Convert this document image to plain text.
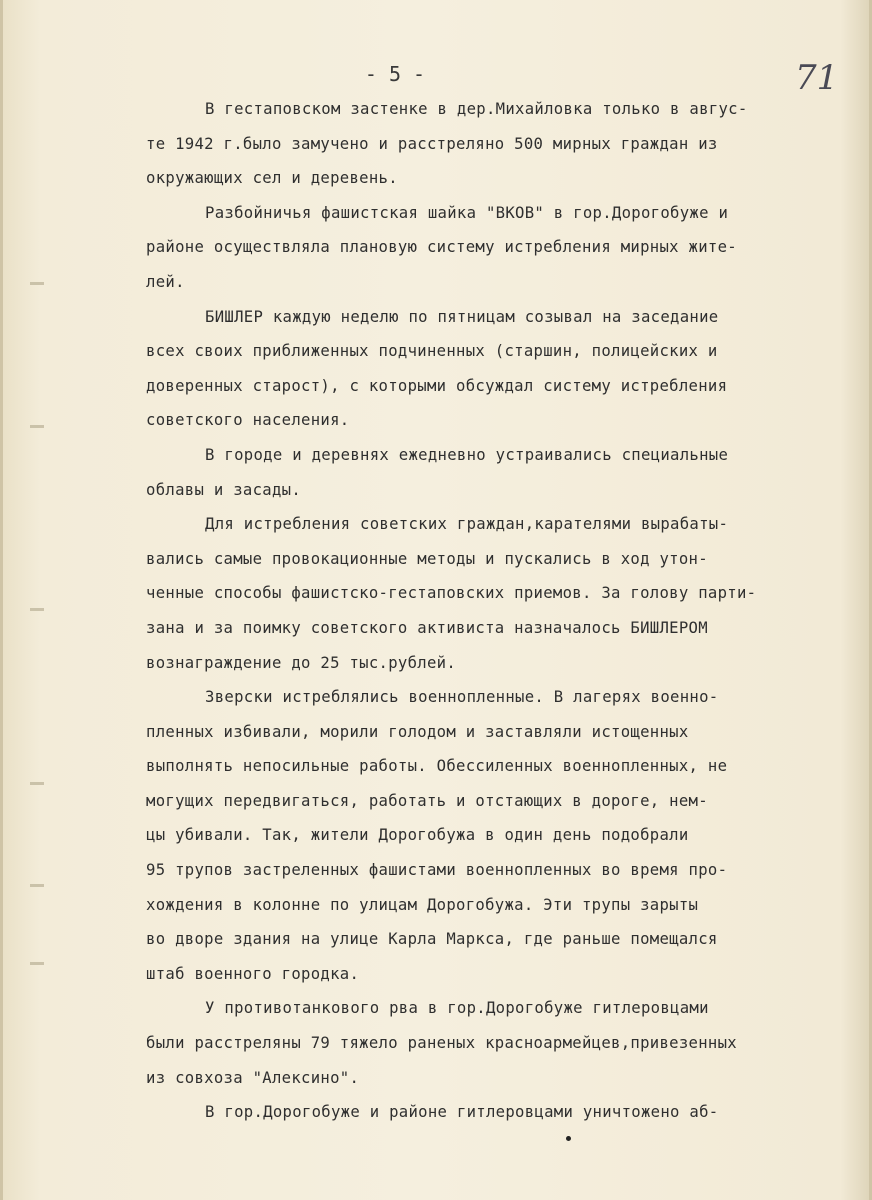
- 5 -	71
В гестаповском застенке в дер.Михайловка только в авгус-
те 1942 г.было замучено и расстреляно 500 мирных граждан из
окружающих сел и деревень.
Разбойничья фашистская шайка "ВКОВ" в гор.Дорогобуже и
районе осуществляла плановую систему истребления мирных жите-
лей.
БИШЛЕР каждую неделю по пятницам созывал на заседание
всех своих приближенных подчиненных (старшин, полицейских и
доверенных старост), с которыми обсуждал систему истребления
советского населения.
В городе и деревнях ежедневно устраивались специальные
облавы и засады.
Для истребления советских граждан,карателями вырабаты-
вались самые провокационные методы и пускались в ход утон-
ченные способы фашистско-гестаповских приемов. За голову парти-
зана и за поимку советского активиста назначалось БИШЛЕРОМ
вознаграждение до 25 тыс.рублей.
Зверски истреблялись военнопленные. В лагерях военно-
пленных избивали, морили голодом и заставляли истощенных
выполнять непосильные работы. Обессиленных военнопленных, не
могущих передвигаться, работать и отстающих в дороге, нем-
цы убивали. Так, жители Дорогобужа в один день подобрали
95 трупов застреленных фашистами военнопленных во время про-
хождения в колонне по улицам Дорогобужа. Эти трупы зарыты
во дворе здания на улице Карла Маркса, где раньше помещался
штаб военного городка.
У противотанкового рва в гор.Дорогобуже гитлеровцами
были расстреляны 79 тяжело раненых красноармейцев,привезенных
из совхоза "Алексино".
В гор.Дорогобуже и районе гитлеровцами уничтожено аб-
